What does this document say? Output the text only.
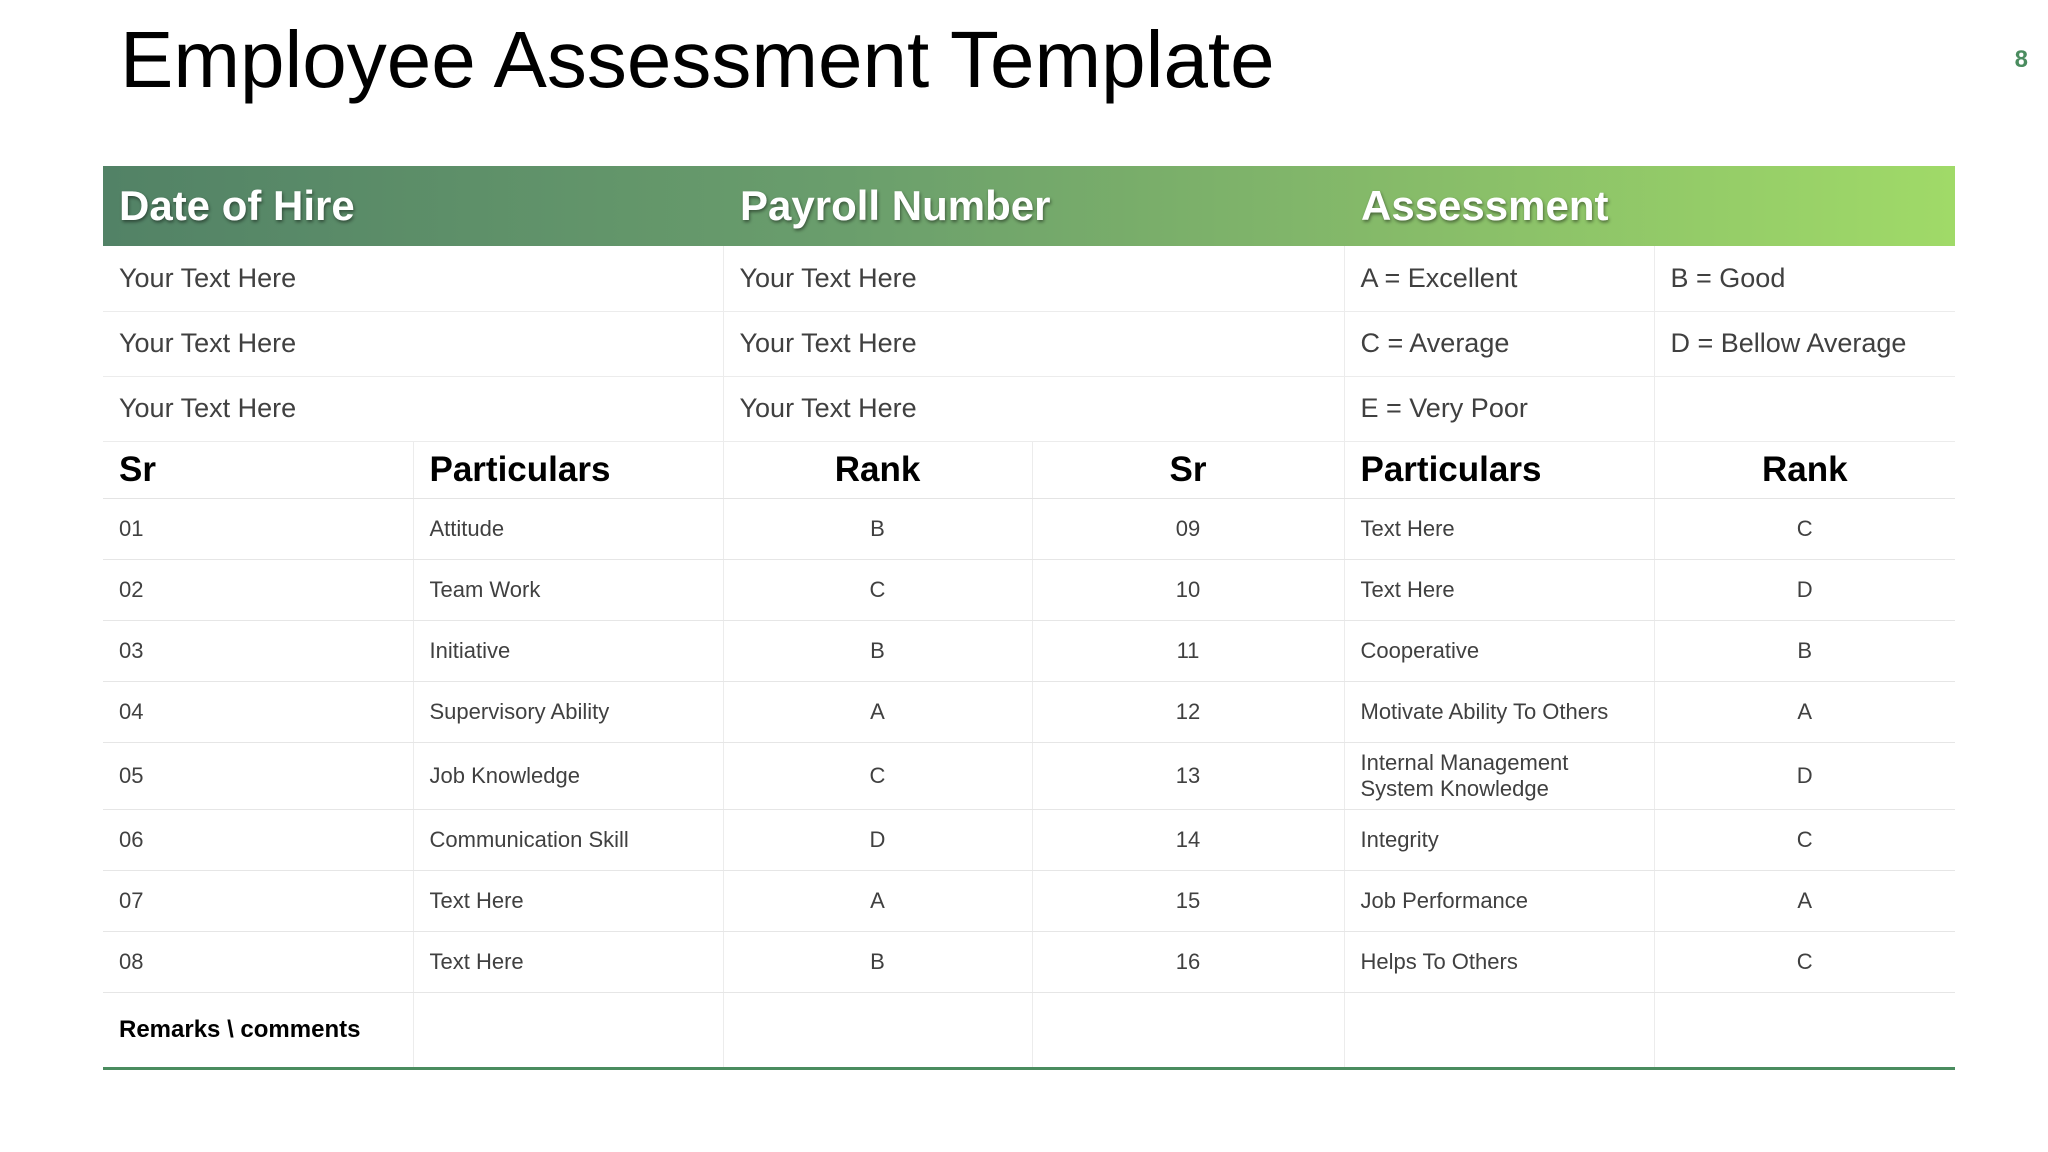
Employee Assessment Template	8
Date of Hire		Payroll Number		Assessment	
Your Text Here		Your Text Here		A = Excellent	B = Good
Your Text Here		Your Text Here		C = Average	D = Bellow Average
Your Text Here		Your Text Here		E = Very Poor	
Sr	Particulars	Rank	Sr	Particulars	Rank
01	Attitude	B	09	Text Here	C
02	Team Work	C	10	Text Here	D
03	Initiative	B	11	Cooperative	B
04	Supervisory Ability	A	12	Motivate Ability To Others	A
05	Job Knowledge	C	13	Internal Management System Knowledge	D
06	Communication Skill	D	14	Integrity	C
07	Text Here	A	15	Job Performance	A
08	Text Here	B	16	Helps To Others	C
Remarks \ comments					
